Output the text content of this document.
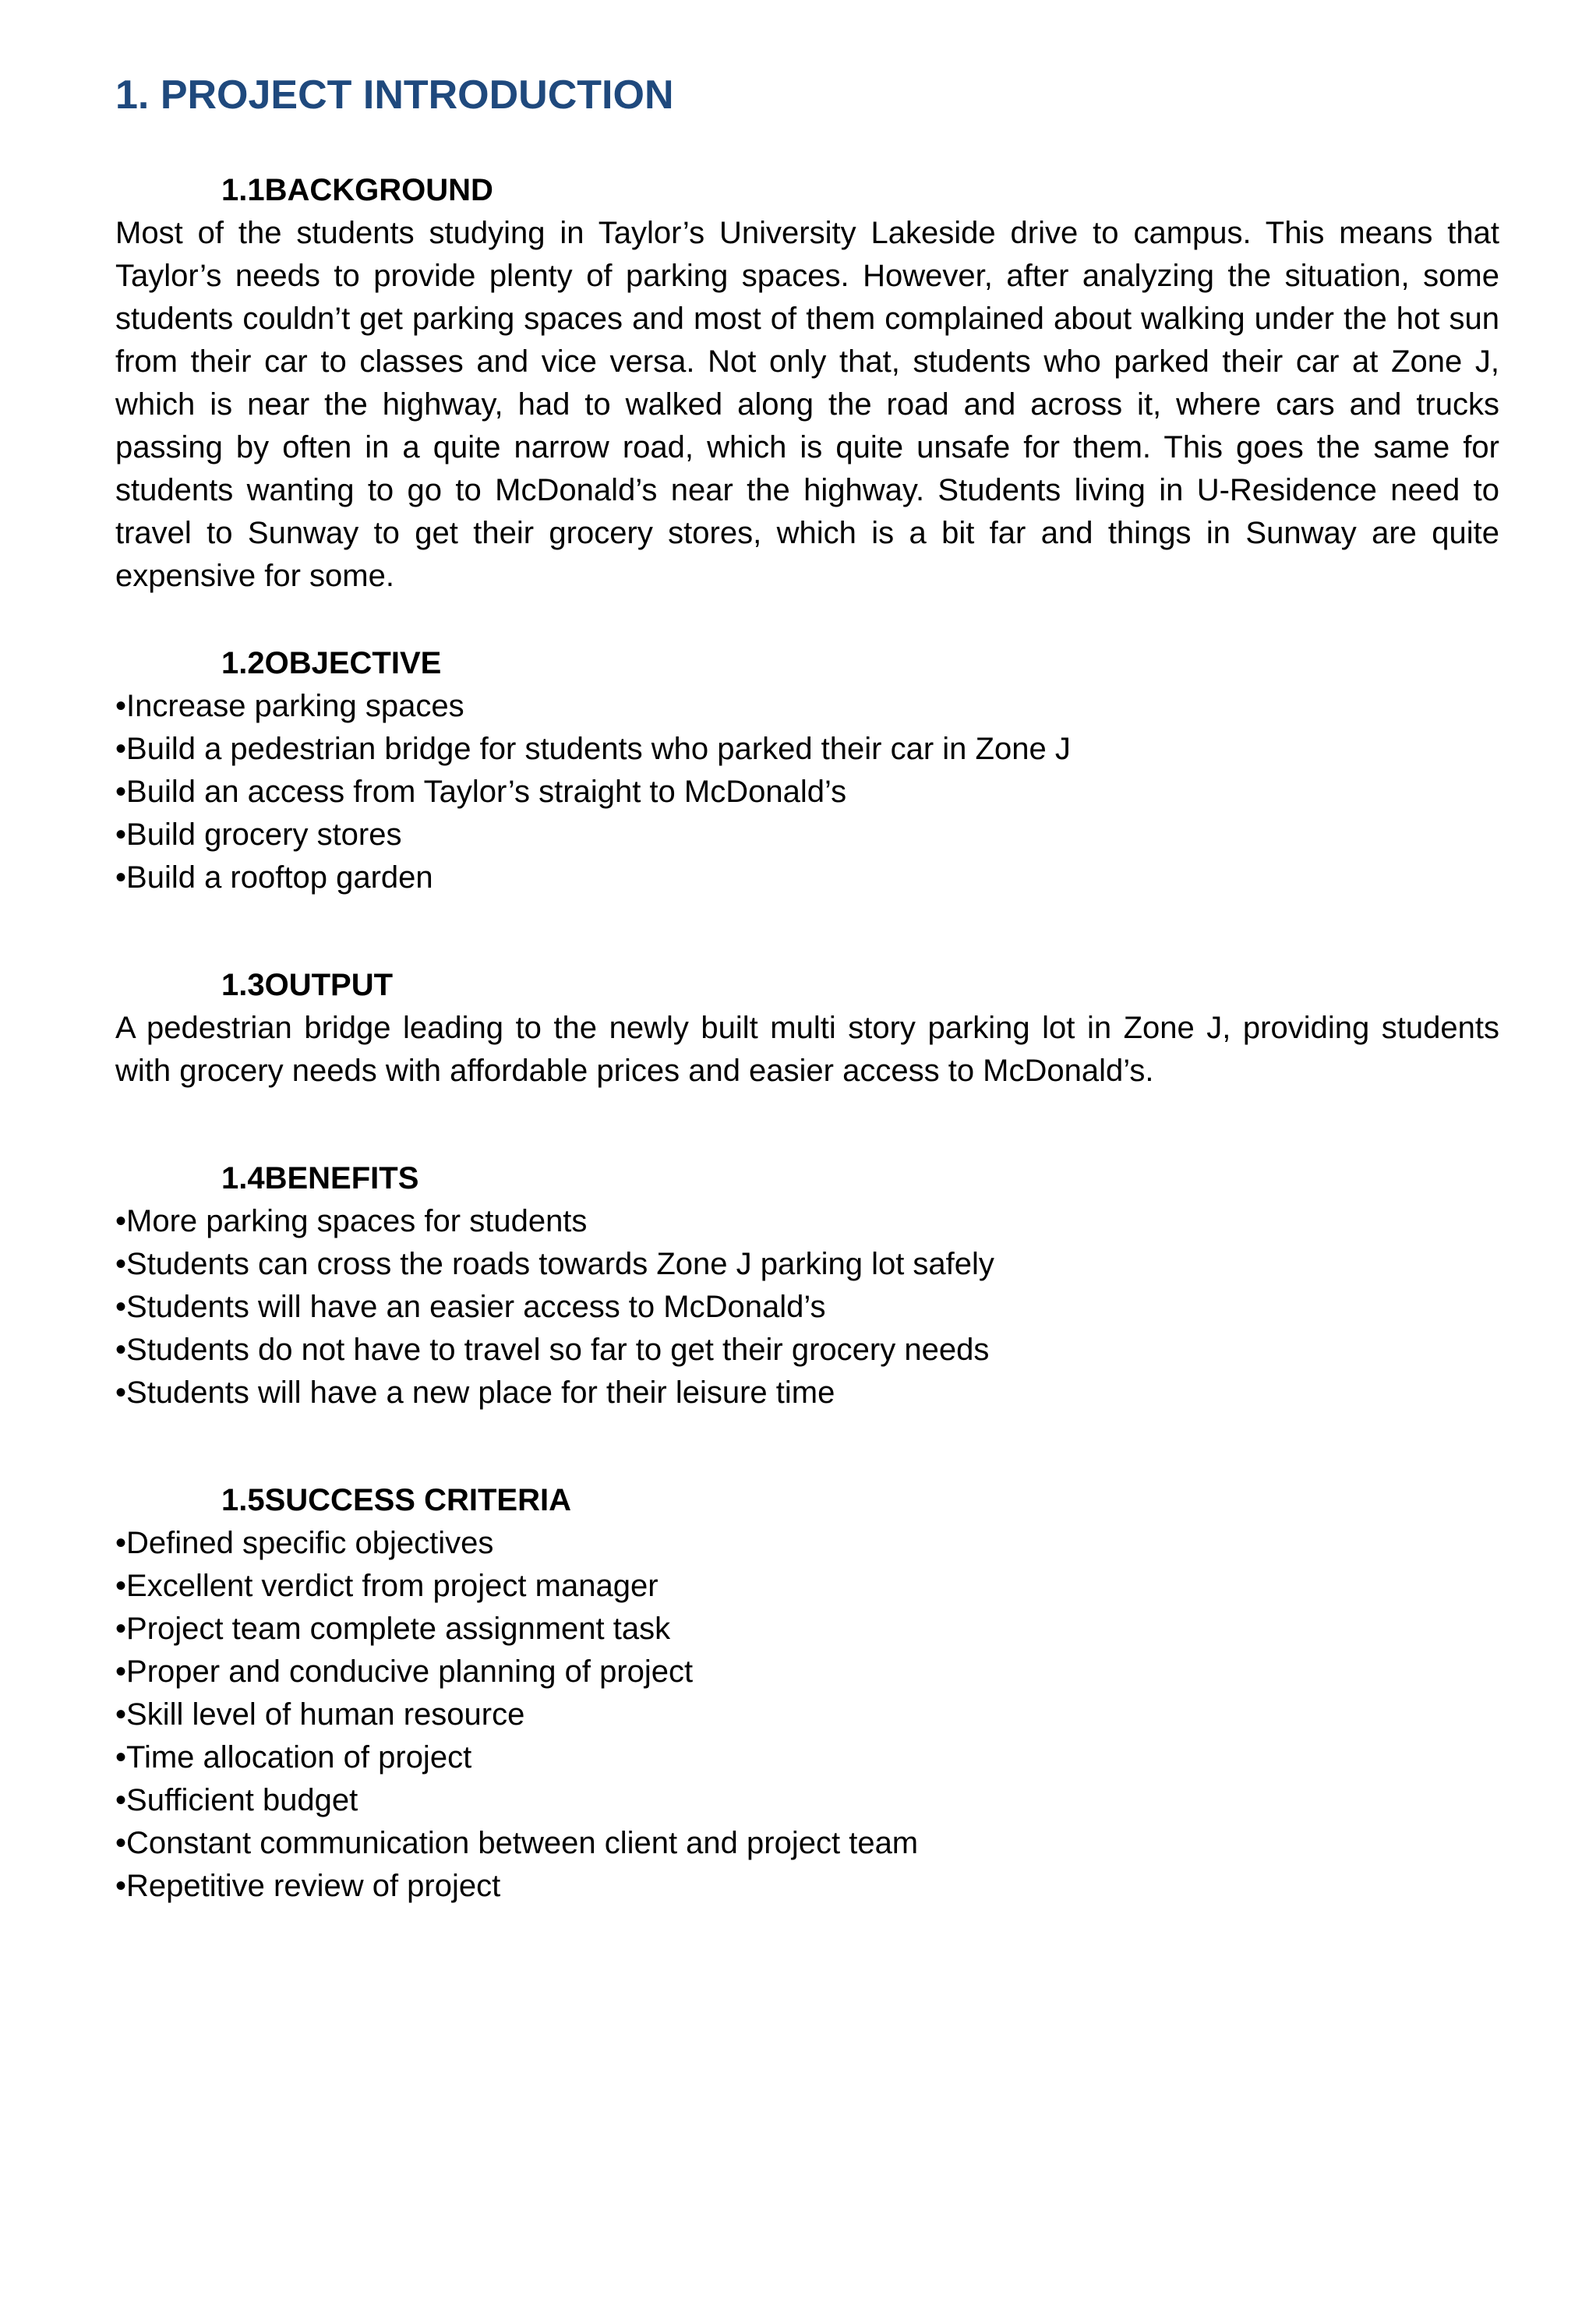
1. PROJECT INTRODUCTION
1.1BACKGROUND

Most of the students studying in Taylor’s University Lakeside drive to campus. This means that Taylor’s needs to provide plenty of parking spaces. However, after analyzing the situation, some students couldn’t get parking spaces and most of them complained about walking under the hot sun from their car to classes and vice versa. Not only that, students who parked their car at Zone J, which is near the highway, had to walked along the road and across it, where cars and trucks passing by often in a quite narrow road, which is quite unsafe for them. This goes the same for students wanting to go to McDonald’s near the highway. Students living in U-Residence need to travel to Sunway to get their grocery stores, which is a bit far and things in Sunway are quite expensive for some.

1.2OBJECTIVE
• Increase parking spaces
• Build a pedestrian bridge for students who parked their car in Zone J
• Build an access from Taylor’s straight to McDonald’s
• Build grocery stores
• Build a rooftop garden
1.3OUTPUT

A pedestrian bridge leading to the newly built multi story parking lot in Zone J, providing students with grocery needs with affordable prices and easier access to McDonald’s.

1.4BENEFITS
• More parking spaces for students
• Students can cross the roads towards Zone J parking lot safely
• Students will have an easier access to McDonald’s
• Students do not have to travel so far to get their grocery needs
• Students will have a new place for their leisure time
1.5SUCCESS CRITERIA
• Defined specific objectives
• Excellent verdict from project manager
• Project team complete assignment task
• Proper and conducive planning of project
• Skill level of human resource
• Time allocation of project
• Sufficient budget
• Constant communication between client and project team
• Repetitive review of project
